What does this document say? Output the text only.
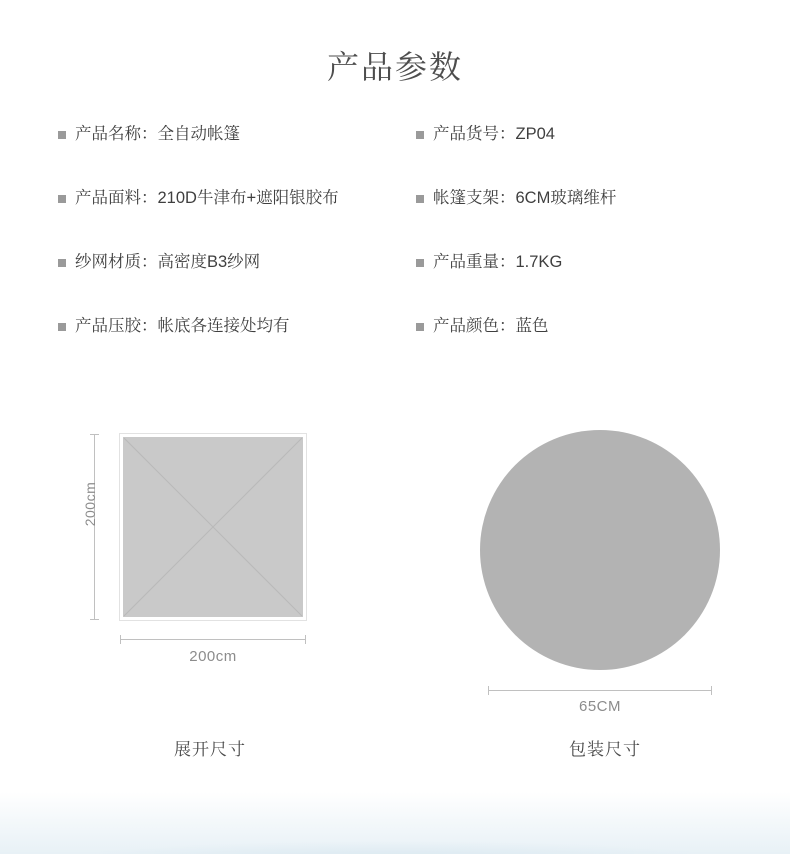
产品参数
产品名称： 全自动帐篷	产品货号： ZP04
产品面料： 210D牛津布+遮阳银胶布	帐篷支架： 6CM玻璃维杆
纱网材质： 高密度B3纱网	产品重量： 1.7KG
产品压胶： 帐底各连接处均有	产品颜色： 蓝色
200cm
200cm
65CM
展开尺寸	包装尺寸
